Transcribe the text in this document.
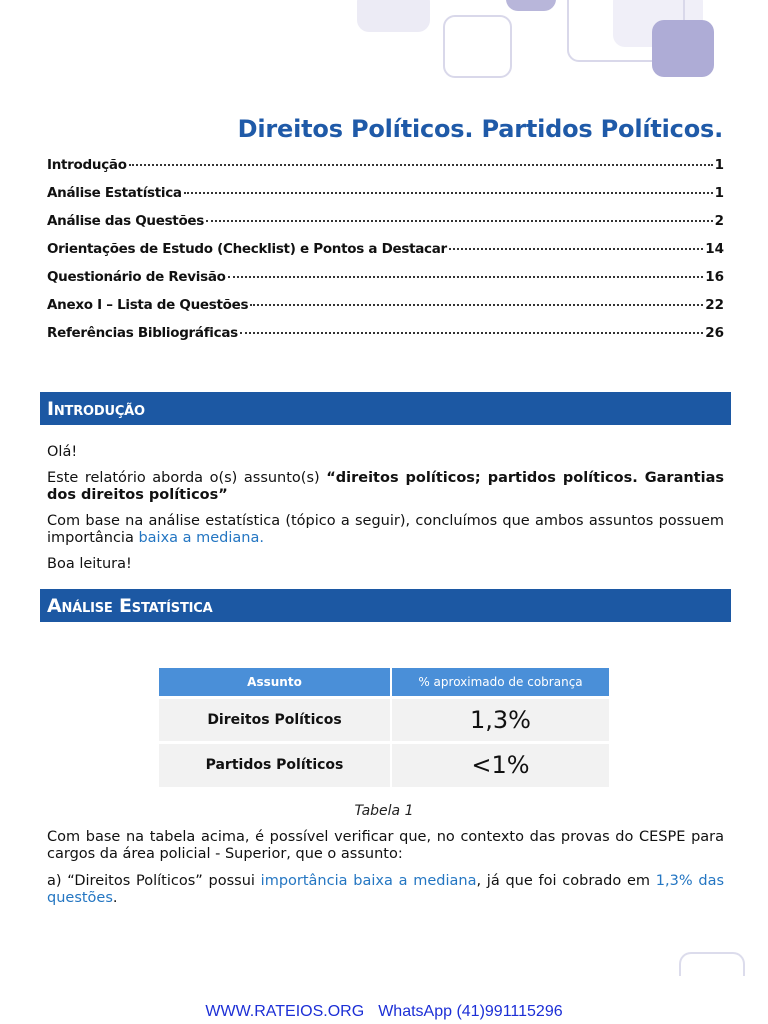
Direitos Políticos. Partidos Políticos.
Introdução	1
Análise Estatística	1
Análise das Questões	2
Orientações de Estudo (Checklist) e Pontos a Destacar	14
Questionário de Revisão	16
Anexo I – Lista de Questões	22
Referências Bibliográficas	26
Introdução

Olá!

Este relatório aborda o(s) assunto(s) “direitos políticos; partidos políticos. Garantias dos direitos políticos”

Com base na análise estatística (tópico a seguir), concluímos que ambos assuntos possuem importância baixa a mediana.

Boa leitura!

Análise Estatística
Assunto	% aproximado de cobrança
Direitos Políticos	1,3%
Partidos Políticos	<1%
Tabela 1

Com base na tabela acima, é possível verificar que, no contexto das provas do CESPE para cargos da área policial - Superior, que o assunto:

a) “Direitos Políticos” possui importância baixa a mediana, já que foi cobrado em 1,3% das questões.

WWW.RATEIOS.ORG WhatsApp (41)991115296
